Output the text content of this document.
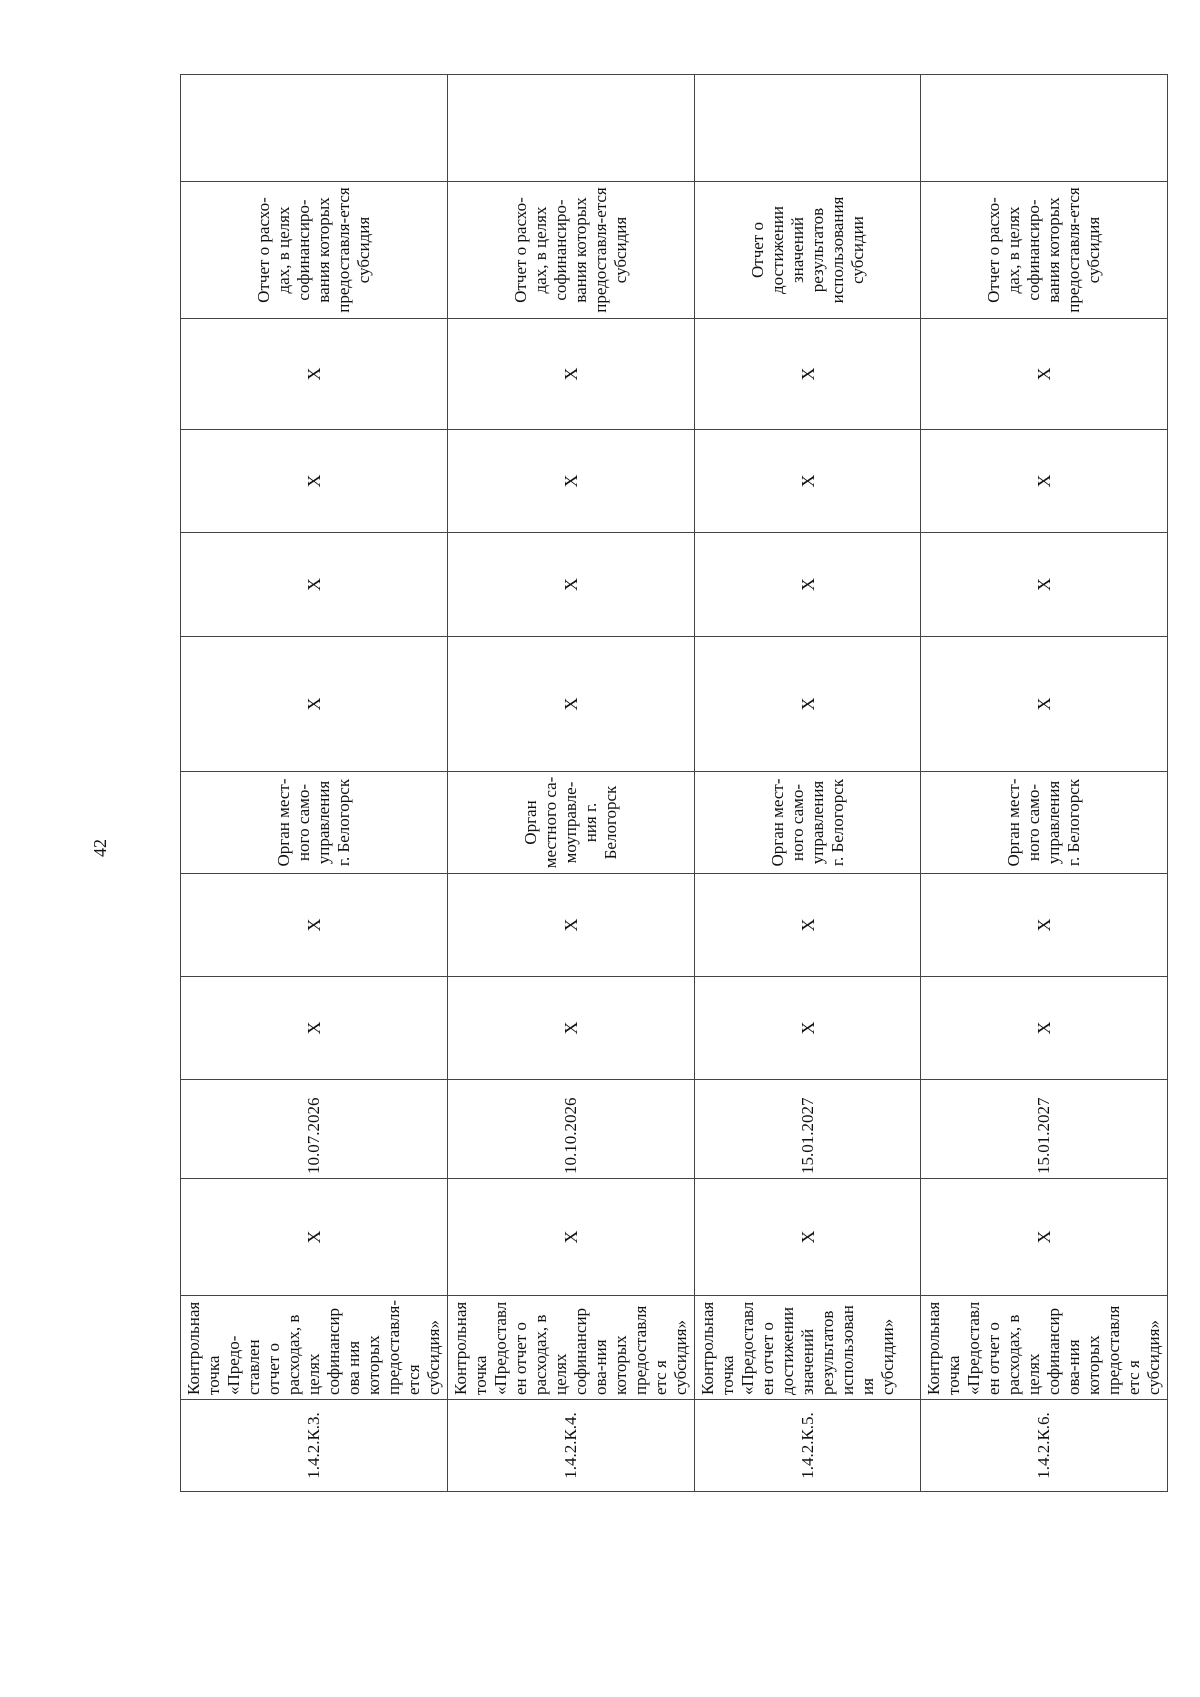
42
1.4.2.К.3.	Контрольная точка «Предо-ставлен отчет о расходах, в целях софинансирова ния которых предоставля-ется субсидия»	X	10.07.2026	X	X	Орган мест-ного само-управления г. Белогорск	X	X	X	X	Отчет о расхо-дах, в целях софинансиро-вания которых предоставля-ется субсидия	
1.4.2.К.4.	Контрольная точка «Предоставлен отчет о расходах, в целях софинансирова-ния которых предоставляетс я субсидия»	X	10.10.2026	X	X	Орган местного са-моуправле-ния г. Белогорск	X	X	X	X	Отчет о расхо-дах, в целях софинансиро-вания которых предоставля-ется субсидия	
1.4.2.К.5.	Контрольная точка «Предоставлен отчет о достижении значений результатов использования субсидии»	X	15.01.2027	X	X	Орган мест-ного само-управления г. Белогорск	X	X	X	X	Отчет о достижении значений результатов использования субсидии	
1.4.2.К.6.	Контрольная точка «Предоставлен отчет о расходах, в целях софинансирова-ния которых предоставляетс я субсидия»	X	15.01.2027	X	X	Орган мест-ного само-управления г. Белогорск	X	X	X	X	Отчет о расхо-дах, в целях софинансиро-вания которых предоставля-ется субсидия	
